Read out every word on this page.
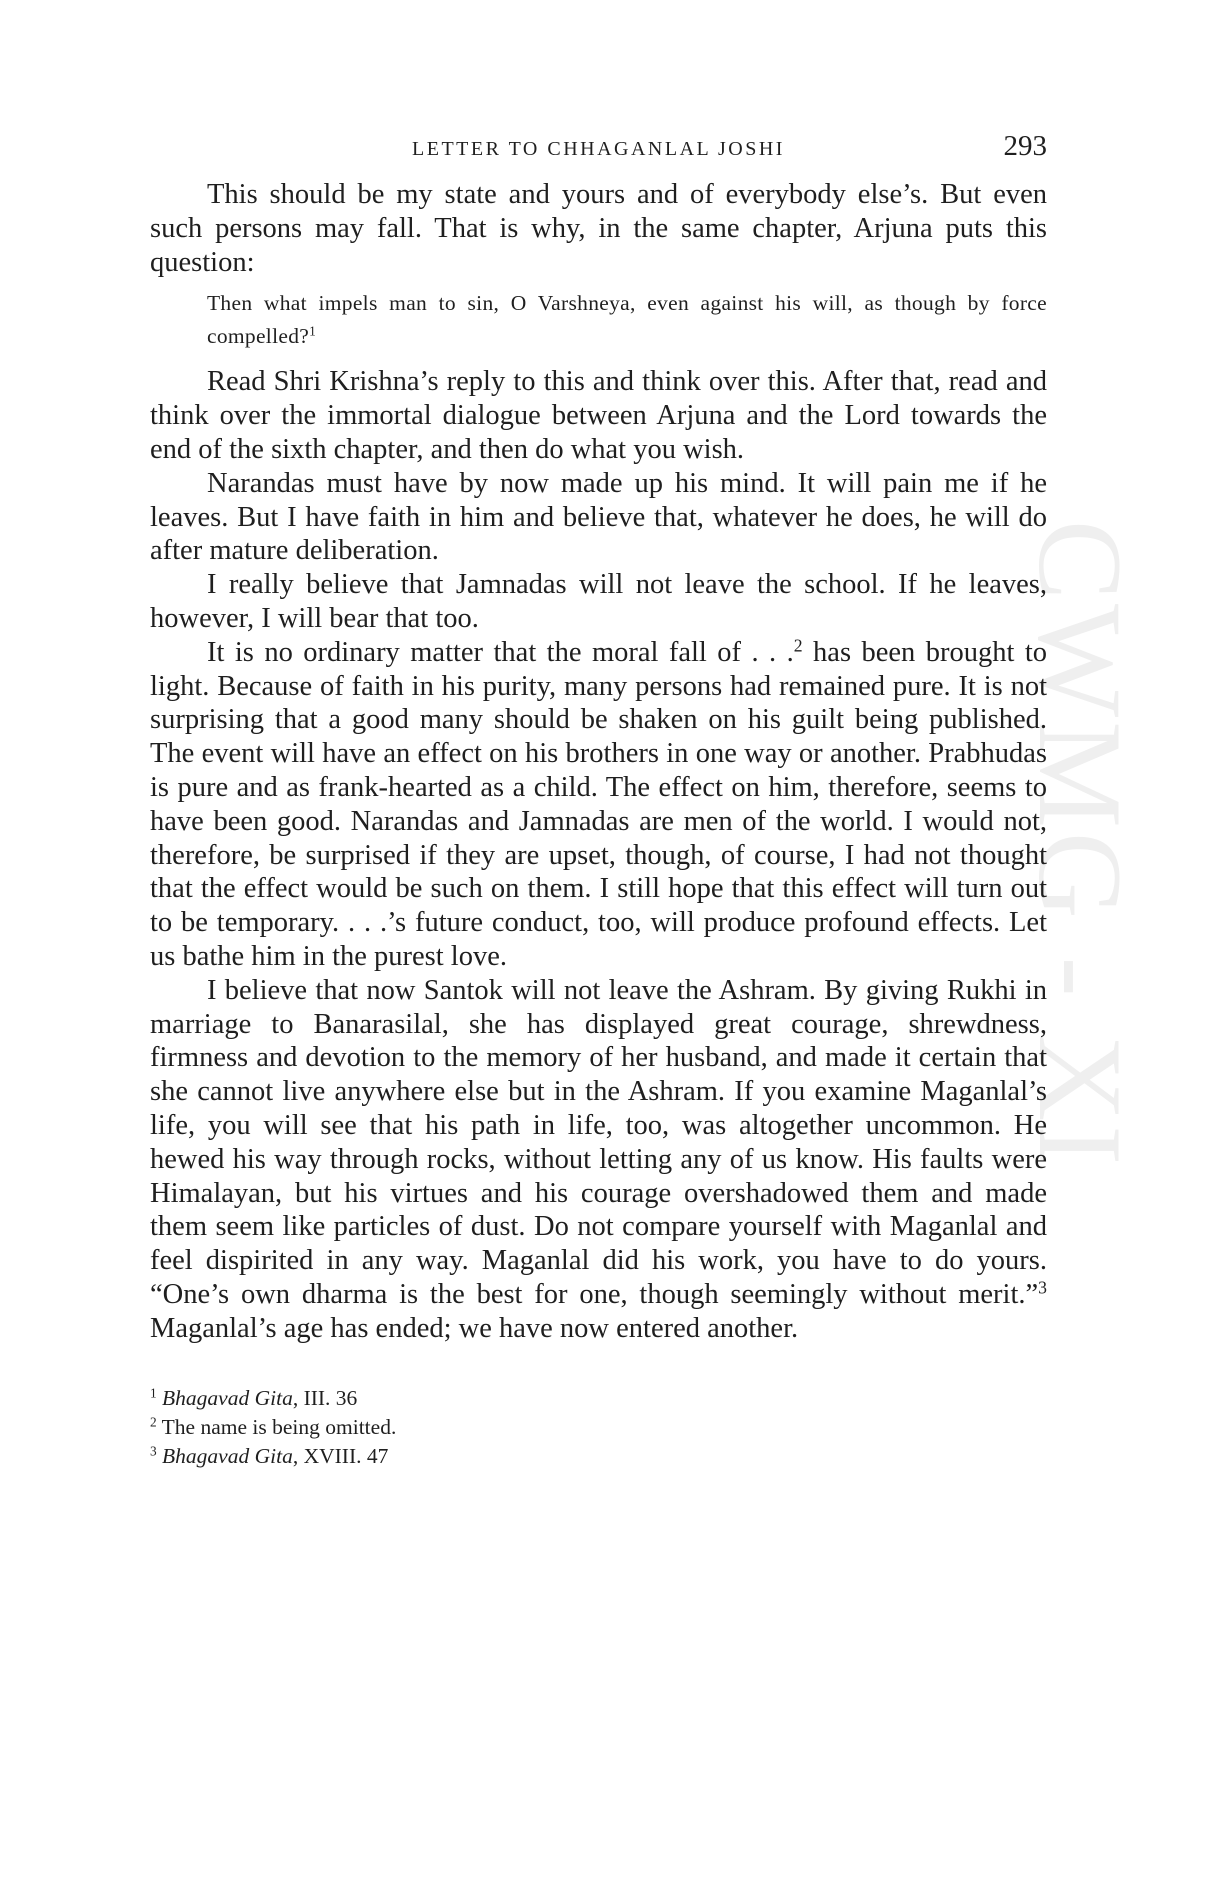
CWMG - XI
LETTER TO CHHAGANLAL JOSHI	293

This should be my state and yours and of everybody else’s. But even such persons may fall. That is why, in the same chapter, Arjuna puts this question:

Then what impels man to sin, O Varshneya, even against his will, as though by force compelled?$^1$

Read Shri Krishna’s reply to this and think over this. After that, read and think over the immortal dialogue between Arjuna and the Lord towards the end of the sixth chapter, and then do what you wish.

Narandas must have by now made up his mind. It will pain me if he leaves. But I have faith in him and believe that, whatever he does, he will do after mature deliberation.

I really believe that Jamnadas will not leave the school. If he leaves, however, I will bear that too.

It is no ordinary matter that the moral fall of . . .$^2$ has been brought to light. Because of faith in his purity, many persons had remained pure. It is not surprising that a good many should be shaken on his guilt being published. The event will have an effect on his brothers in one way or another. Prabhudas is pure and as frank-hearted as a child. The effect on him, therefore, seems to have been good. Narandas and Jamnadas are men of the world. I would not, therefore, be surprised if they are upset, though, of course, I had not thought that the effect would be such on them. I still hope that this effect will turn out to be temporary. . . .’s future conduct, too, will produce profound effects. Let us bathe him in the purest love.

I believe that now Santok will not leave the Ashram. By giving Rukhi in marriage to Banarasilal, she has displayed great courage, shrewdness, firmness and devotion to the memory of her husband, and made it certain that she cannot live anywhere else but in the Ashram. If you examine Maganlal’s life, you will see that his path in life, too, was altogether uncommon. He hewed his way through rocks, without letting any of us know. His faults were Himalayan, but his virtues and his courage overshadowed them and made them seem like particles of dust. Do not compare yourself with Maganlal and feel dispirited in any way. Maganlal did his work, you have to do yours. “One’s own dharma is the best for one, though seemingly without merit.”$^3$ Maganlal’s age has ended; we have now entered another.

$^1$ Bhagavad Gita, III. 36

$^2$ The name is being omitted.

$^3$ Bhagavad Gita, XVIII. 47
